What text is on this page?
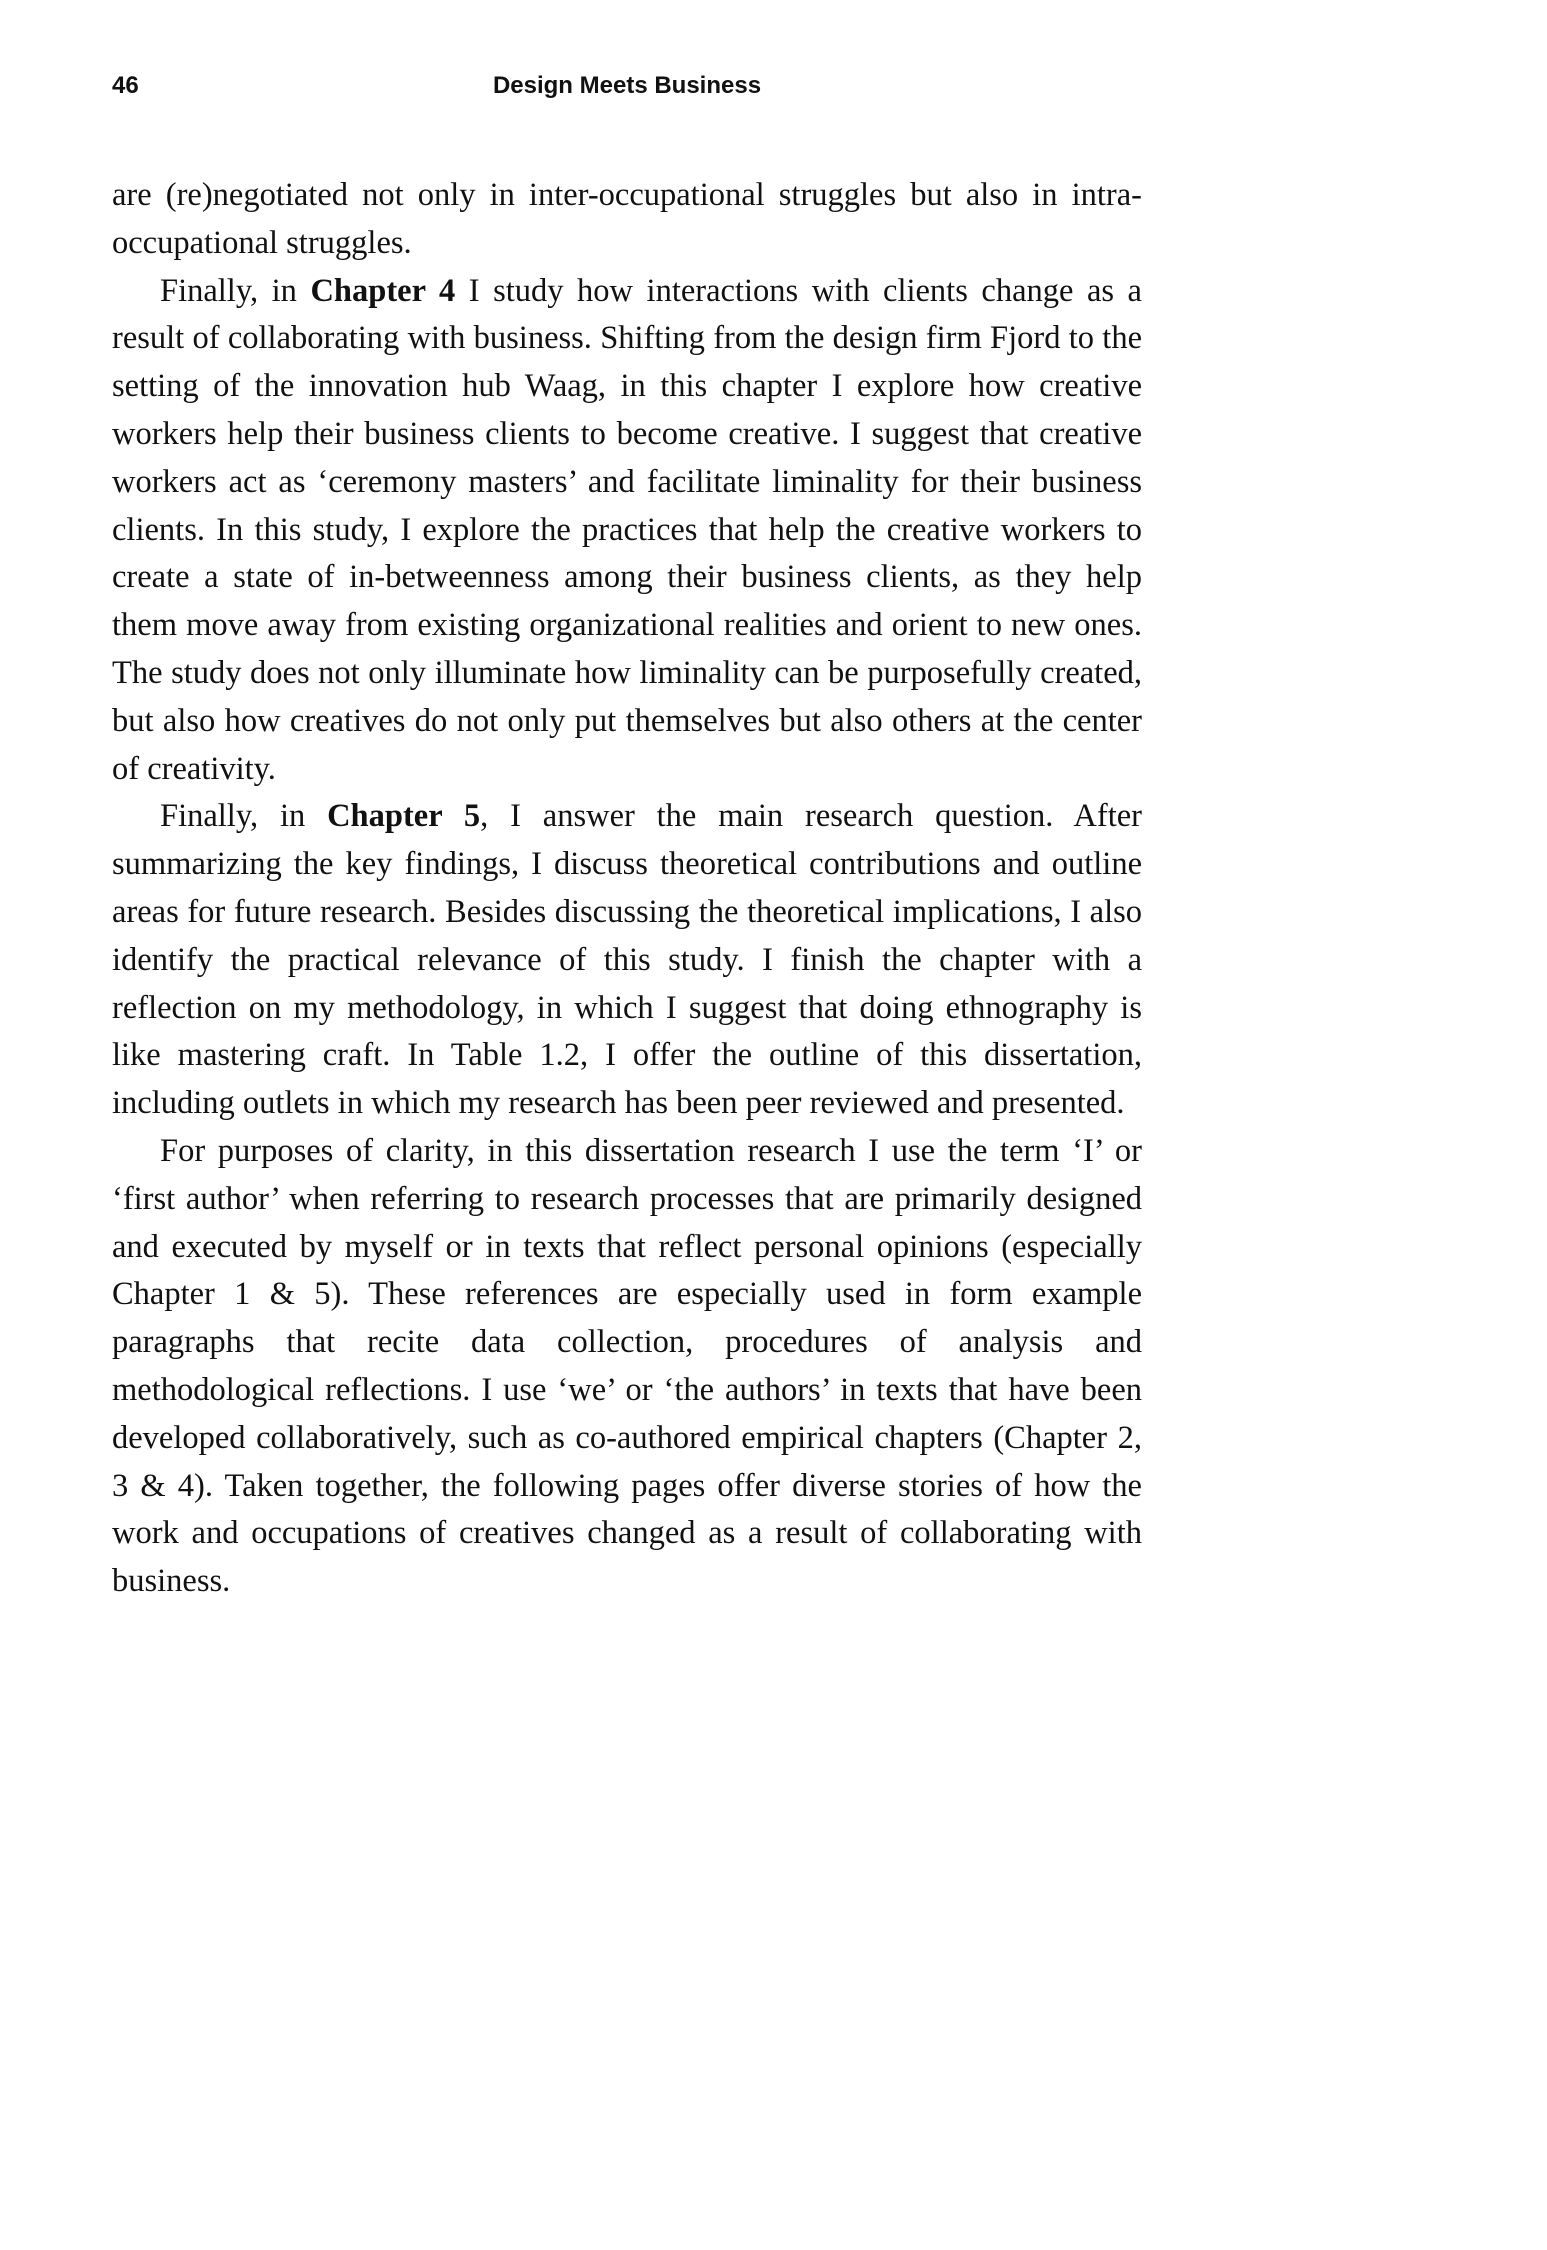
46	Design Meets Business

are (re)negotiated not only in inter-occupational struggles but also in intra-occupational struggles.

Finally, in Chapter 4 I study how interactions with clients change as a result of collaborating with business. Shifting from the design firm Fjord to the setting of the innovation hub Waag, in this chapter I explore how creative workers help their business clients to become creative. I suggest that creative workers act as ‘ceremony masters’ and facilitate liminality for their business clients. In this study, I explore the practices that help the creative workers to create a state of in-betweenness among their business clients, as they help them move away from existing organizational realities and orient to new ones. The study does not only illuminate how liminality can be purposefully created, but also how creatives do not only put themselves but also others at the center of creativity.

Finally, in Chapter 5, I answer the main research question. After summarizing the key findings, I discuss theoretical contributions and outline areas for future research. Besides discussing the theoretical implications, I also identify the practical relevance of this study. I finish the chapter with a reflection on my methodology, in which I suggest that doing ethnography is like mastering craft. In Table 1.2, I offer the outline of this dissertation, including outlets in which my research has been peer reviewed and presented.

For purposes of clarity, in this dissertation research I use the term ‘I’ or ‘first author’ when referring to research processes that are primarily designed and executed by myself or in texts that reflect personal opinions (especially Chapter 1 & 5). These references are especially used in form example paragraphs that recite data collection, procedures of analysis and methodological reflections. I use ‘we’ or ‘the authors’ in texts that have been developed collaboratively, such as co-authored empirical chapters (Chapter 2, 3 & 4). Taken together, the following pages offer diverse stories of how the work and occupations of creatives changed as a result of collaborating with business.
